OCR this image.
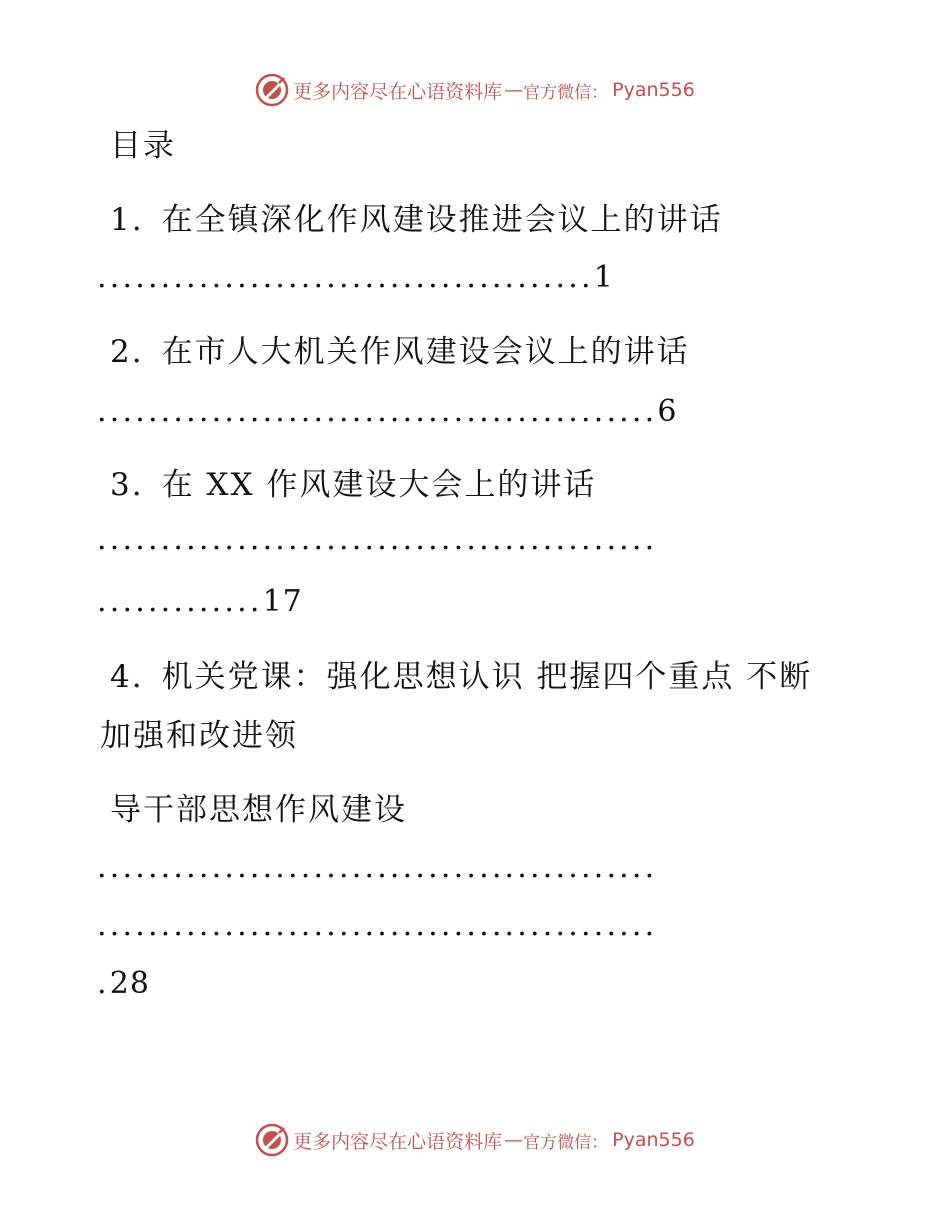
更多内容尽在心语资料库 — 官方微信： Pyan556
目录
1. 在全镇深化作风建设推进会议上的讲话
.......................................1
2. 在市人大机关作风建设会议上的讲话
............................................6
3. 在 XX 作风建设大会上的讲话
............................................
.............17
4. 机关党课：强化思想认识 把握四个重点 不断
加强和改进领
导干部思想作风建设
............................................
............................................
.28
更多内容尽在心语资料库 — 官方微信： Pyan556
